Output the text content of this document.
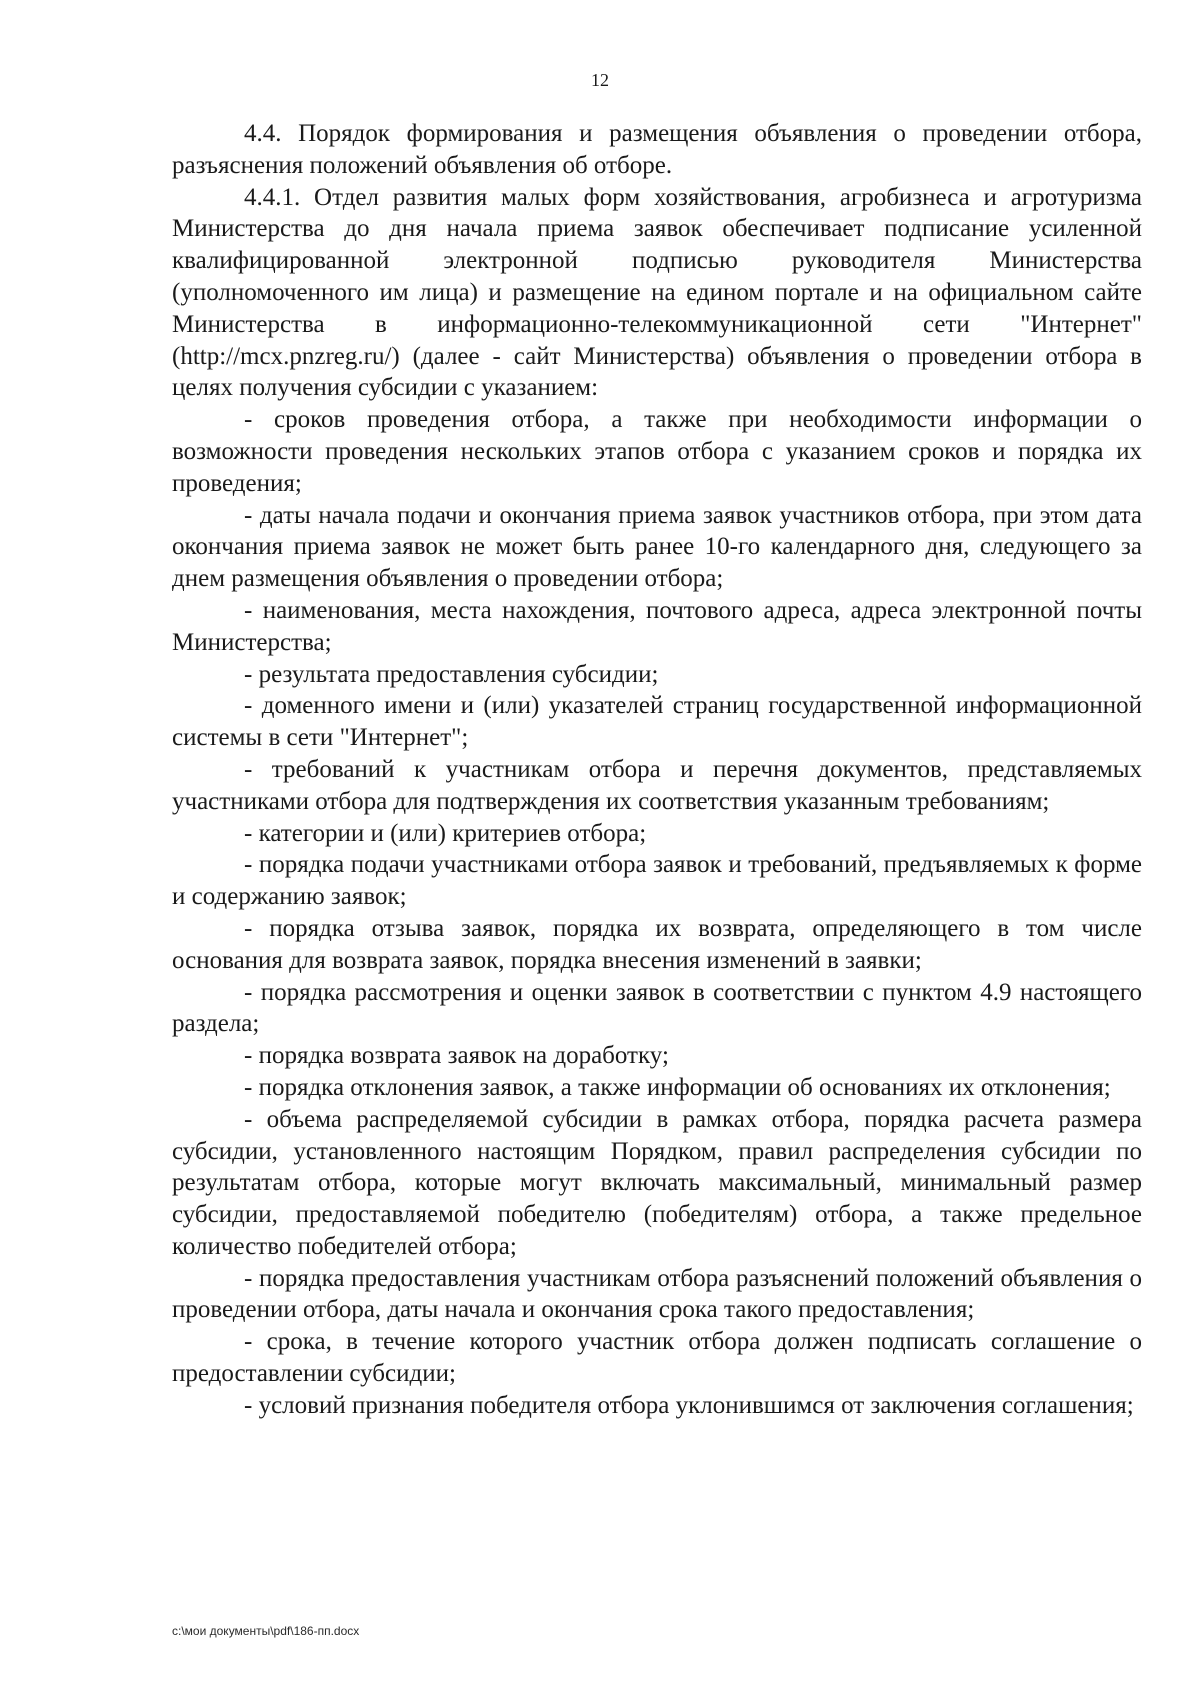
12

4.4. Порядок формирования и размещения объявления о проведении отбора, разъяснения положений объявления об отборе.

4.4.1. Отдел развития малых форм хозяйствования, агробизнеса и агротуризма Министерства до дня начала приема заявок обеспечивает подписание усиленной квалифицированной электронной подписью руководителя Министерства (уполномоченного им лица) и размещение на едином портале и на официальном сайте Министерства в информационно-телекоммуникационной сети "Интернет" (http://mcx.pnzreg.ru/) (далее - сайт Министерства) объявления о проведении отбора в целях получения субсидии с указанием:

- сроков проведения отбора, а также при необходимости информации о возможности проведения нескольких этапов отбора с указанием сроков и порядка их проведения;

- даты начала подачи и окончания приема заявок участников отбора, при этом дата окончания приема заявок не может быть ранее 10-го календарного дня, следующего за днем размещения объявления о проведении отбора;

- наименования, места нахождения, почтового адреса, адреса электронной почты Министерства;

- результата предоставления субсидии;

- доменного имени и (или) указателей страниц государственной информационной системы в сети "Интернет";

- требований к участникам отбора и перечня документов, представляемых участниками отбора для подтверждения их соответствия указанным требованиям;

- категории и (или) критериев отбора;

- порядка подачи участниками отбора заявок и требований, предъявляемых к форме и содержанию заявок;

- порядка отзыва заявок, порядка их возврата, определяющего в том числе основания для возврата заявок, порядка внесения изменений в заявки;

- порядка рассмотрения и оценки заявок в соответствии с пунктом 4.9 настоящего раздела;

- порядка возврата заявок на доработку;

- порядка отклонения заявок, а также информации об основаниях их отклонения;

- объема распределяемой субсидии в рамках отбора, порядка расчета размера субсидии, установленного настоящим Порядком, правил распределения субсидии по результатам отбора, которые могут включать максимальный, минимальный размер субсидии, предоставляемой победителю (победителям) отбора, а также предельное количество победителей отбора;

- порядка предоставления участникам отбора разъяснений положений объявления о проведении отбора, даты начала и окончания срока такого предоставления;

- срока, в течение которого участник отбора должен подписать соглашение о предоставлении субсидии;

- условий признания победителя отбора уклонившимся от заключения соглашения;

c:\мои документы\pdf\186-пп.docx
